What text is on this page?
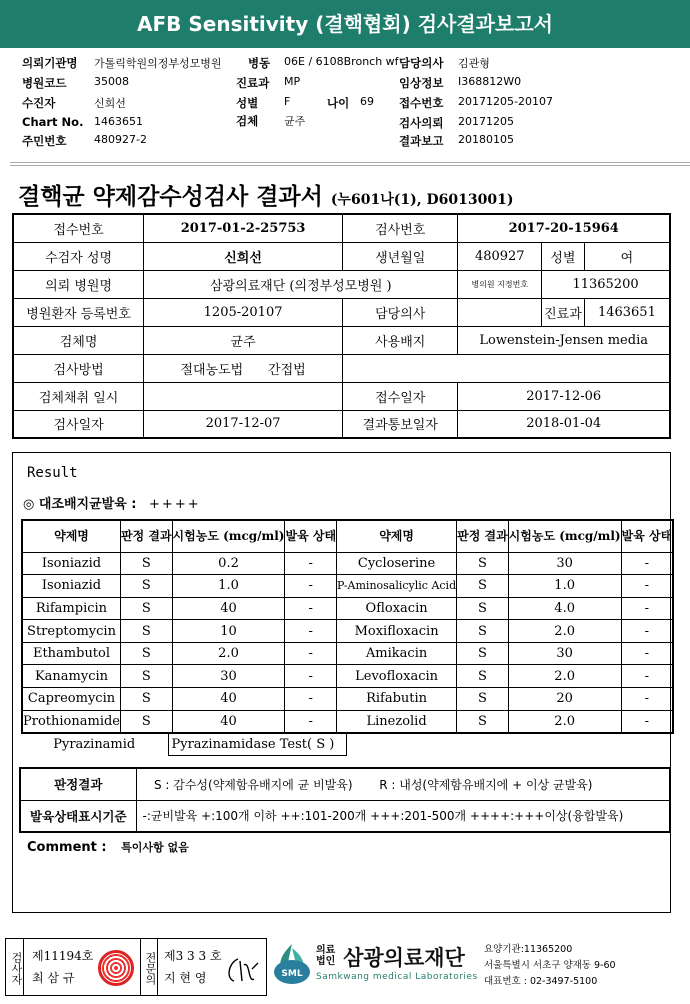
AFB Sensitivity (결핵협회) 검사결과보고서
의뢰기관명 가톨릭학원의정부성모병원 병동 06E / 6108Bronch wf 담당의사 김관형
병원코드	35008	진료과 MP	임상정보 I368812W0
수진자	신희선	성별 F	나이 69 접수번호 20171205-20107
Chart No. 1463651	검체 균주	검사의뢰 20171205
주민번호	480927-2	결과보고 20180105
결핵균 약제감수성검사 결과서 (누601나(1), D6013001)
접수번호	2017-01-2-25753	검사번호	2017-20-15964		
수검자 성명	신희선	생년월일	480927	성별	여
의뢰 병원명	삼광의료재단 (의정부성모병원 )		병의원 지정번호	11365200	
병원환자 등록번호	1205-20107	담당의사		진료과	1463651
검체명	균주	사용배지	Lowenstein-Jensen media		
검사방법	절대농도법 간접법				
검체채취 일시		접수일자	2017-12-06		
검사일자	2017-12-07	결과통보일자	2018-01-04		
Result
◎ 대조배지균발육 : ++++
약제명	판정 결과	시험농도 (mcg/ml)	발육 상태	약제명	판정 결과	시험농도 (mcg/ml)	발육 상태
Isoniazid	S	0.2	-	Cycloserine	S	30	-
Isoniazid	S	1.0	-	P-Aminosalicylic Acid	S	1.0	-
Rifampicin	S	40	-	Ofloxacin	S	4.0	-
Streptomycin	S	10	-	Moxifloxacin	S	2.0	-
Ethambutol	S	2.0	-	Amikacin	S	30	-
Kanamycin	S	30	-	Levofloxacin	S	2.0	-
Capreomycin	S	40	-	Rifabutin	S	20	-
Prothionamide	S	40	-	Linezolid	S	2.0	-
Pyrazinamid	Pyrazinamidase Test( S )
판정결과	S : 감수성(약제함유배지에 균 비발육) R : 내성(약제함유배지에 + 이상 균발육)
발육상태표시기준	-:균비발육 +:100개 이하 ++:101-200개 +++:201-500개 ++++:+++이상(융합발육)
Comment : 특이사항 없음
검사자 제11194호
최 삼 규	전문의 제3 3 3 호
지 현 영	SML
의료 법인 삼광의료재단
Samkwang medical Laboratories
요양기관:11365200
서울특별시 서초구 양재동 9-60
대표번호 : 02-3497-5100
